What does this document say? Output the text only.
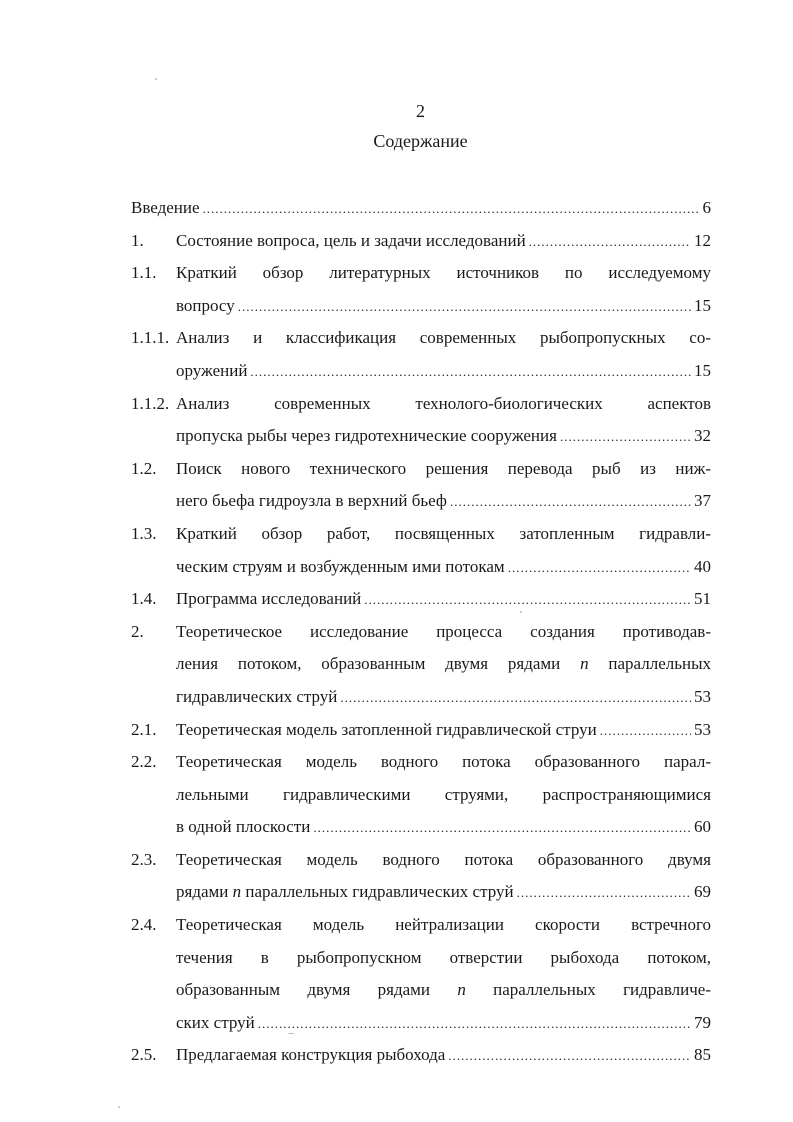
2
Содержание
Введение .....	6
1. Состояние вопроса, цель и задачи исследований .....	12
1.1. Краткий обзор литературных источников по исследуемому
вопросу .....	15
1.1.1. Анализ и классификация современных рыбопропускных со-
оружений .....	15
1.1.2. Анализ современных технолого-биологических аспектов
пропуска рыбы через гидротехнические сооружения .....	32
1.2. Поиск нового технического решения перевода рыб из ниж-
него бьефа гидроузла в верхний бьеф .....	37
1.3. Краткий обзор работ, посвященных затопленным гидравли-
ческим струям и возбужденным ими потокам .....	40
1.4. Программа исследований .....	51
2. Теоретическое исследование процесса создания противодав-
ления потоком, образованным двумя рядами n параллельных
гидравлических струй .....	53
2.1. Теоретическая модель затопленной гидравлической струи .....	53
2.2. Теоретическая модель водного потока образованного парал-
лельными гидравлическими струями, распространяющимися
в одной плоскости .....	60
2.3. Теоретическая модель водного потока образованного двумя
рядами n параллельных гидравлических струй .....	69
2.4. Теоретическая модель нейтрализации скорости встречного
течения в рыбопропускном отверстии рыбохода потоком,
образованным двумя рядами n параллельных гидравличе-
ских струй .....	79
2.5. Предлагаемая конструкция рыбохода .....	85
